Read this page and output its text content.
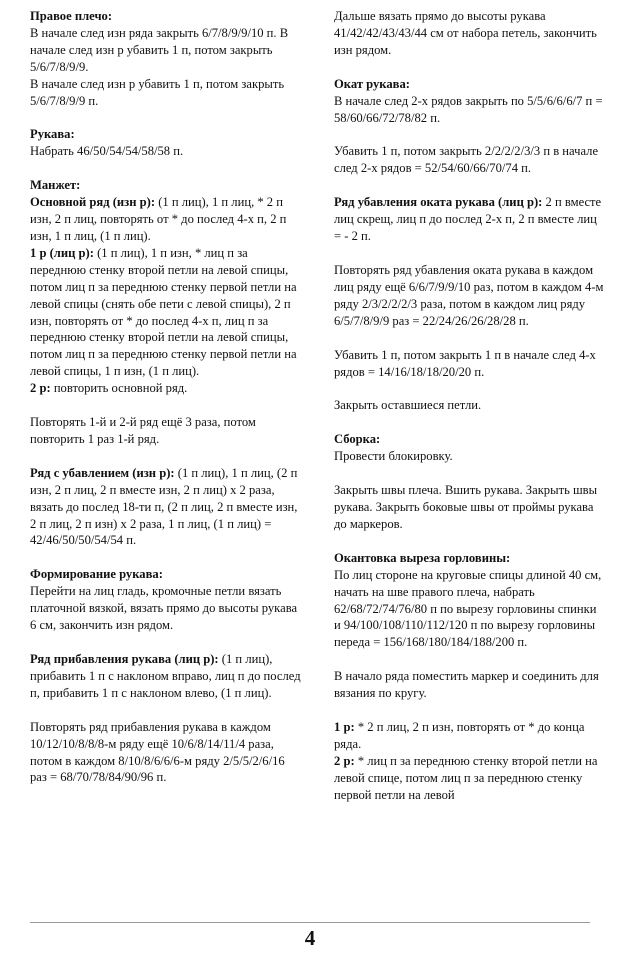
Правое плечо:

В начале след изн ряда закрыть 6/7/8/9/9/10 п. В начале след изн р убавить 1 п, потом закрыть 5/6/7/8/9/9.

В начале след изн р убавить 1 п, потом закрыть 5/6/7/8/9/9 п.

Рукава:

Набрать 46/50/54/54/58/58 п.

Манжет:

Основной ряд (изн р): (1 п лиц), 1 п лиц, * 2 п изн, 2 п лиц, повторять от * до послед 4-х п, 2 п изн, 1 п лиц, (1 п лиц).

1 р (лиц р): (1 п лиц), 1 п изн, * лиц п за переднюю стенку второй петли на левой спицы, потом лиц п за переднюю стенку первой петли на левой спицы (снять обе пети с левой спицы), 2 п изн, повторять от * до послед 4-х п, лиц п за переднюю стенку второй петли на левой спицы, потом лиц п за переднюю стенку первой петли на левой спицы, 1 п изн, (1 п лиц).

2 р: повторить основной ряд.

Повторять 1-й и 2-й ряд ещё 3 раза, потом повторить 1 раз 1-й ряд.

Ряд с убавлением (изн р): (1 п лиц), 1 п лиц, (2 п изн, 2 п лиц, 2 п вместе изн, 2 п лиц) х 2 раза, вязать до послед 18-ти п, (2 п лиц, 2 п вместе изн, 2 п лиц, 2 п изн) х 2 раза, 1 п лиц, (1 п лиц) = 42/46/50/50/54/54 п.

Формирование рукава:

Перейти на лиц гладь, кромочные петли вязать платочной вязкой, вязать прямо до высоты рукава 6 см, закончить изн рядом.

Ряд прибавления рукава (лиц р): (1 п лиц), прибавить 1 п с наклоном вправо, лиц п до послед п, прибавить 1 п с наклоном влево, (1 п лиц).

Повторять ряд прибавления рукава в каждом 10/12/10/8/8/8-м ряду ещё 10/6/8/14/11/4 раза, потом в каждом 8/10/8/6/6/6-м ряду 2/5/5/2/6/16 раз = 68/70/78/84/90/96 п.

Дальше вязать прямо до высоты рукава 41/42/42/43/43/44 см от набора петель, закончить изн рядом.

Окат рукава:

В начале след 2-х рядов закрыть по 5/5/6/6/6/7 п = 58/60/66/72/78/82 п.

Убавить 1 п, потом закрыть 2/2/2/2/3/3 п в начале след 2-х рядов = 52/54/60/66/70/74 п.

Ряд убавления оката рукава (лиц р): 2 п вместе лиц скрещ, лиц п до послед 2-х п, 2 п вместе лиц = - 2 п.

Повторять ряд убавления оката рукава в каждом лиц ряду ещё 6/6/7/9/9/10 раз, потом в каждом 4-м ряду 2/3/2/2/2/3 раза, потом в каждом лиц ряду 6/5/7/8/9/9 раз = 22/24/26/26/28/28 п.

Убавить 1 п, потом закрыть 1 п в начале след 4-х рядов = 14/16/18/18/20/20 п.

Закрыть оставшиеся петли.

Сборка:

Провести блокировку.

Закрыть швы плеча. Вшить рукава. Закрыть швы рукава. Закрыть боковые швы от проймы рукава до маркеров.

Окантовка выреза горловины:

По лиц стороне на круговые спицы длиной 40 см, начать на шве правого плеча, набрать 62/68/72/74/76/80 п по вырезу горловины спинки и 94/100/108/110/112/120 п по вырезу горловины переда = 156/168/180/184/188/200 п.

В начало ряда поместить маркер и соединить для вязания по кругу.

1 р: * 2 п лиц, 2 п изн, повторять от * до конца ряда.

2 р: * лиц п за переднюю стенку второй петли на левой спице, потом лиц п за переднюю стенку первой петли на левой

4
